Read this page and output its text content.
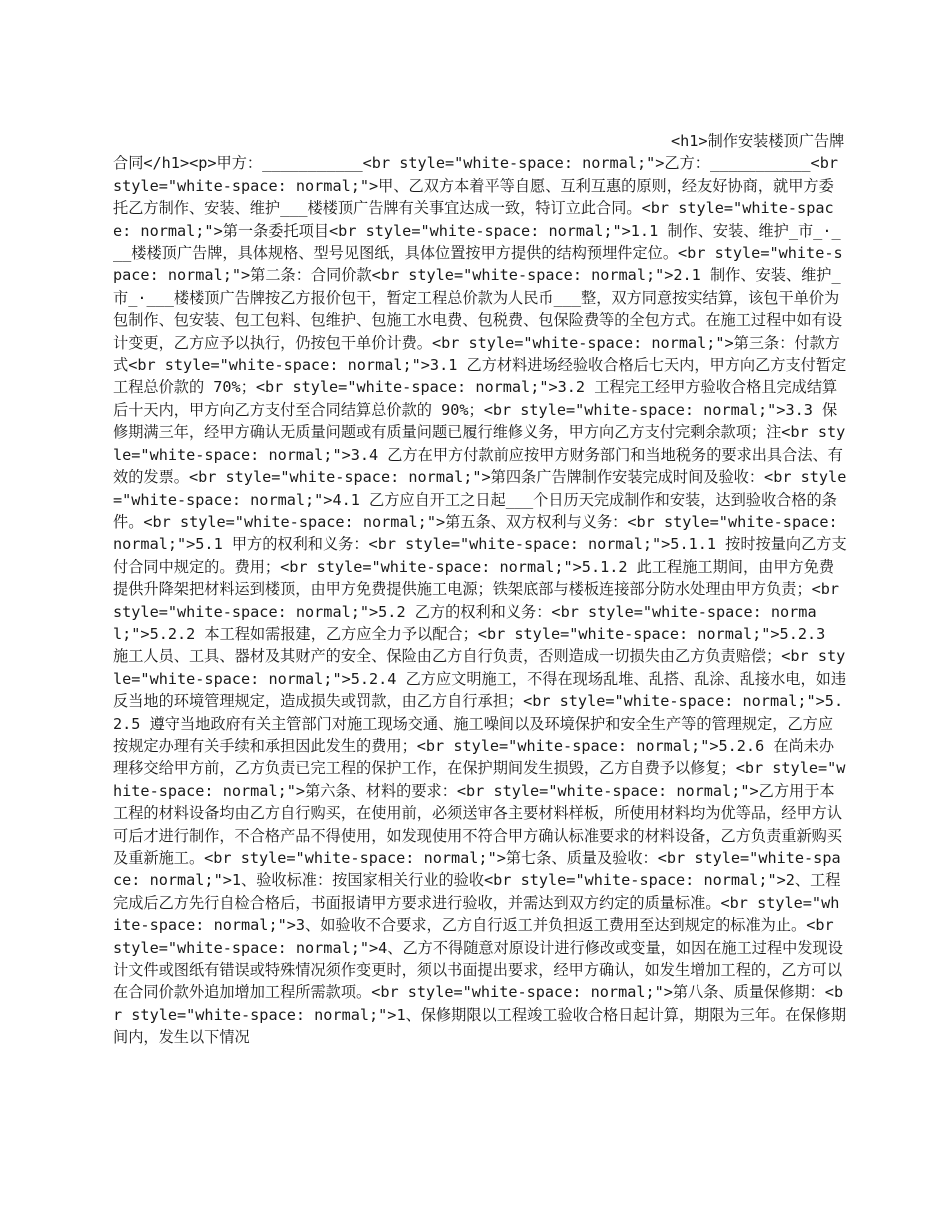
<h1>制作安装楼顶广告牌合同</h1><p>甲方：___________<br style="white-space: normal;">乙方：___________<br style="white-space: normal;">甲、乙双方本着平等自愿、互利互惠的原则，经友好协商，就甲方委托乙方制作、安装、维护___楼楼顶广告牌有关事宜达成一致，特订立此合同。<br style="white-space: normal;">第一条委托项目<br style="white-space: normal;">1.1 制作、安装、维护_市_·___楼楼顶广告牌，具体规格、型号见图纸，具体位置按甲方提供的结构预埋件定位。<br style="white-space: normal;">第二条：合同价款<br style="white-space: normal;">2.1 制作、安装、维护_市_·___楼楼顶广告牌按乙方报价包干，暂定工程总价款为人民币___整，双方同意按实结算，该包干单价为包制作、包安装、包工包料、包维护、包施工水电费、包税费、包保险费等的全包方式。在施工过程中如有设计变更，乙方应予以执行，仍按包干单价计费。<br style="white-space: normal;">第三条：付款方式<br style="white-space: normal;">3.1 乙方材料进场经验收合格后七天内，甲方向乙方支付暂定工程总价款的 70%；<br style="white-space: normal;">3.2 工程完工经甲方验收合格且完成结算后十天内，甲方向乙方支付至合同结算总价款的 90%；<br style="white-space: normal;">3.3 保修期满三年，经甲方确认无质量问题或有质量问题已履行维修义务，甲方向乙方支付完剩余款项；注<br style="white-space: normal;">3.4 乙方在甲方付款前应按甲方财务部门和当地税务的要求出具合法、有效的发票。<br style="white-space: normal;">第四条广告牌制作安装完成时间及验收：<br style="white-space: normal;">4.1 乙方应自开工之日起___个日历天完成制作和安装，达到验收合格的条件。<br style="white-space: normal;">第五条、双方权利与义务：<br style="white-space: normal;">5.1 甲方的权利和义务：<br style="white-space: normal;">5.1.1 按时按量向乙方支付合同中规定的。费用；<br style="white-space: normal;">5.1.2 此工程施工期间，由甲方免费提供升降架把材料运到楼顶，由甲方免费提供施工电源；铁架底部与楼板连接部分防水处理由甲方负责；<br style="white-space: normal;">5.2 乙方的权利和义务：<br style="white-space: normal;">5.2.2 本工程如需报建，乙方应全力予以配合；<br style="white-space: normal;">5.2.3 施工人员、工具、器材及其财产的安全、保险由乙方自行负责，否则造成一切损失由乙方负责赔偿；<br style="white-space: normal;">5.2.4 乙方应文明施工，不得在现场乱堆、乱搭、乱涂、乱接水电，如违反当地的环境管理规定，造成损失或罚款，由乙方自行承担；<br style="white-space: normal;">5.2.5 遵守当地政府有关主管部门对施工现场交通、施工噪间以及环境保护和安全生产等的管理规定，乙方应按规定办理有关手续和承担因此发生的费用；<br style="white-space: normal;">5.2.6 在尚未办理移交给甲方前，乙方负责已完工程的保护工作，在保护期间发生损毁，乙方自费予以修复；<br style="white-space: normal;">第六条、材料的要求：<br style="white-space: normal;">乙方用于本工程的材料设备均由乙方自行购买，在使用前，必须送审各主要材料样板，所使用材料均为优等品，经甲方认可后才进行制作，不合格产品不得使用，如发现使用不符合甲方确认标准要求的材料设备，乙方负责重新购买及重新施工。<br style="white-space: normal;">第七条、质量及验收：<br style="white-space: normal;">1、验收标准：按国家相关行业的验收<br style="white-space: normal;">2、工程完成后乙方先行自检合格后，书面报请甲方要求进行验收，并需达到双方约定的质量标准。<br style="white-space: normal;">3、如验收不合要求，乙方自行返工并负担返工费用至达到规定的标准为止。<br style="white-space: normal;">4、乙方不得随意对原设计进行修改或变量，如因在施工过程中发现设计文件或图纸有错误或特殊情况须作变更时，须以书面提出要求，经甲方确认，如发生增加工程的，乙方可以在合同价款外追加增加工程所需款项。<br style="white-space: normal;">第八条、质量保修期：<br style="white-space: normal;">1、保修期限以工程竣工验收合格日起计算，期限为三年。在保修期间内，发生以下情况
